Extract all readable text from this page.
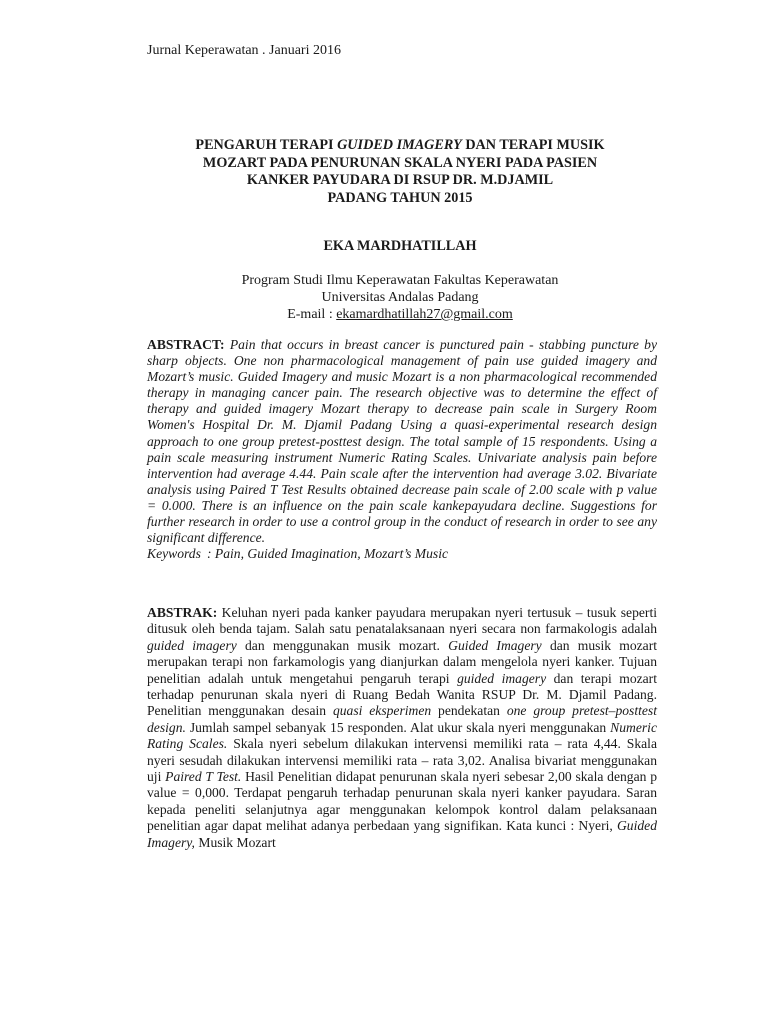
Jurnal Keperawatan . Januari 2016
PENGARUH TERAPI GUIDED IMAGERY DAN TERAPI MUSIK
MOZART PADA PENURUNAN SKALA NYERI PADA PASIEN
KANKER PAYUDARA DI RSUP DR. M.DJAMIL
PADANG TAHUN 2015
EKA MARDHATILLAH
Program Studi Ilmu Keperawatan Fakultas Keperawatan
Universitas Andalas Padang
E-mail : ekamardhatillah27@gmail.com
ABSTRACT: Pain that occurs in breast cancer is punctured pain - stabbing puncture by sharp objects. One non pharmacological management of pain use guided imagery and Mozart’s music. Guided Imagery and music Mozart is a non pharmacological recommended therapy in managing cancer pain. The research objective was to determine the effect of therapy and guided imagery Mozart therapy to decrease pain scale in Surgery Room Women's Hospital Dr. M. Djamil Padang Using a quasi-experimental research design approach to one group pretest-posttest design. The total sample of 15 respondents. Using a pain scale measuring instrument Numeric Rating Scales. Univariate analysis pain before intervention had average 4.44. Pain scale after the intervention had average 3.02. Bivariate analysis using Paired T Test Results obtained decrease pain scale of 2.00 scale with p value = 0.000. There is an influence on the pain scale kankepayudara decline. Suggestions for further research in order to use a control group in the conduct of research in order to see any significant difference.
Keywords : Pain, Guided Imagination, Mozart’s Music
ABSTRAK: Keluhan nyeri pada kanker payudara merupakan nyeri tertusuk – tusuk seperti ditusuk oleh benda tajam. Salah satu penatalaksanaan nyeri secara non farmakologis adalah guided imagery dan menggunakan musik mozart. Guided Imagery dan musik mozart merupakan terapi non farkamologis yang dianjurkan dalam mengelola nyeri kanker. Tujuan penelitian adalah untuk mengetahui pengaruh terapi guided imagery dan terapi mozart terhadap penurunan skala nyeri di Ruang Bedah Wanita RSUP Dr. M. Djamil Padang. Penelitian menggunakan desain quasi eksperimen pendekatan one group pretest–posttest design. Jumlah sampel sebanyak 15 responden. Alat ukur skala nyeri menggunakan Numeric Rating Scales. Skala nyeri sebelum dilakukan intervensi memiliki rata – rata 4,44. Skala nyeri sesudah dilakukan intervensi memiliki rata – rata 3,02. Analisa bivariat menggunakan uji Paired T Test. Hasil Penelitian didapat penurunan skala nyeri sebesar 2,00 skala dengan p value = 0,000. Terdapat pengaruh terhadap penurunan skala nyeri kanker payudara. Saran kepada peneliti selanjutnya agar menggunakan kelompok kontrol dalam pelaksanaan penelitian agar dapat melihat adanya perbedaan yang signifikan. Kata kunci : Nyeri, Guided Imagery, Musik Mozart
